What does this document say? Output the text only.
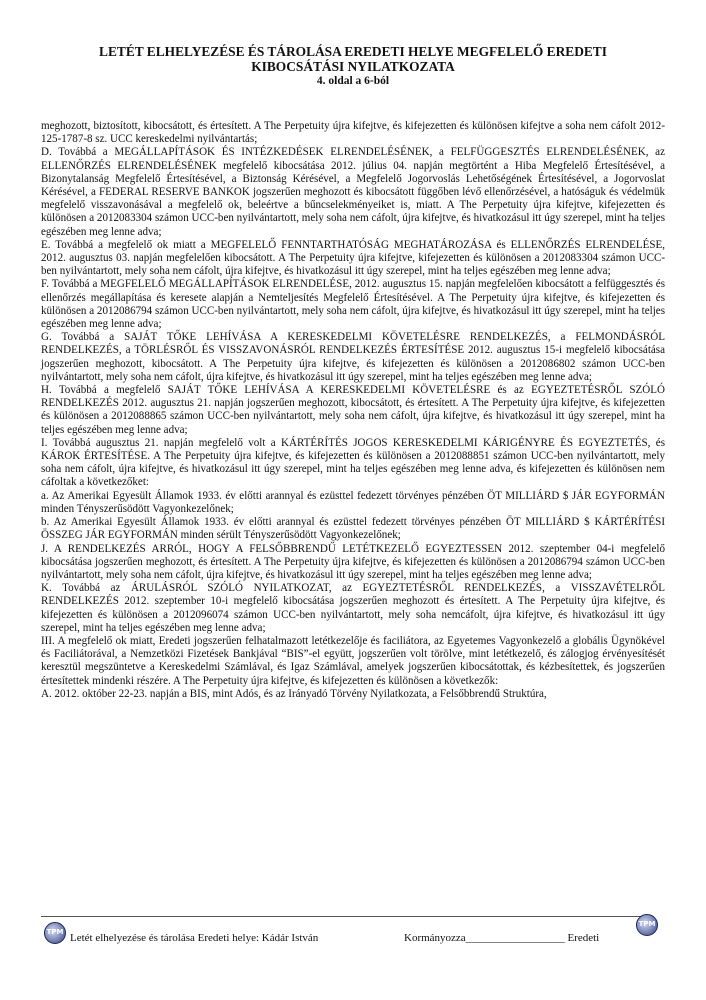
LETÉT ELHELYEZÉSE ÉS TÁROLÁSA EREDETI HELYE MEGFELELŐ EREDETI
KIBOCSÁTÁSI NYILATKOZATA
4. oldal a 6-ból

meghozott, biztosított, kibocsátott, és értesített. A The Perpetuity újra kifejtve, és kifejezetten és különösen kifejtve a soha nem cáfolt 2012-125-1787-8 sz. UCC kereskedelmi nyilvántartás;

D. Továbbá a MEGÁLLAPÍTÁSOK ÉS INTÉZKEDÉSEK ELRENDELÉSÉNEK, a FELFÜGGESZTÉS ELRENDELÉSÉNEK, az ELLENŐRZÉS ELRENDELÉSÉNEK megfelelő kibocsátása 2012. július 04. napján megtörtént a Hiba Megfelelő Értesítésével, a Bizonytalanság Megfelelő Értesítésével, a Biztonság Kérésével, a Megfelelő Jogorvoslás Lehetőségének Értesítésével, a Jogorvoslat Kérésével, a FEDERAL RESERVE BANKOK jogszerűen meghozott és kibocsátott függőben lévő ellenőrzésével, a hatóságuk és védelmük megfelelő visszavonásával a megfelelő ok, beleértve a bűncselekményeiket is, miatt. A The Perpetuity újra kifejtve, kifejezetten és különösen a 2012083304 számon UCC-ben nyilvántartott, mely soha nem cáfolt, újra kifejtve, és hivatkozásul itt úgy szerepel, mint ha teljes egészében meg lenne adva;

E. Továbbá a megfelelő ok miatt a MEGFELELŐ FENNTARTHATÓSÁG MEGHATÁROZÁSA és ELLENŐRZÉS ELRENDELÉSE, 2012. augusztus 03. napján megfelelően kibocsátott. A The Perpetuity újra kifejtve, kifejezetten és különösen a 2012083304 számon UCC-ben nyilvántartott, mely soha nem cáfolt, újra kifejtve, és hivatkozásul itt úgy szerepel, mint ha teljes egészében meg lenne adva;

F. Továbbá a MEGFELELŐ MEGÁLLAPÍTÁSOK ELRENDELÉSE, 2012. augusztus 15. napján megfelelően kibocsátott a felfüggesztés és ellenőrzés megállapítása és keresete alapján a Nemteljesítés Megfelelő Értesítésével. A The Perpetuity újra kifejtve, és kifejezetten és különösen a 2012086794 számon UCC-ben nyilvántartott, mely soha nem cáfolt, újra kifejtve, és hivatkozásul itt úgy szerepel, mint ha teljes egészében meg lenne adva;

G. Továbbá a SAJÁT TŐKE LEHÍVÁSA A KERESKEDELMI KÖVETELÉSRE RENDELKEZÉS, a FELMONDÁSRÓL RENDELKEZÉS, a TÖRLÉSRŐL ÉS VISSZAVONÁSRÓL RENDELKEZÉS ÉRTESÍTÉSE 2012. augusztus 15-i megfelelő kibocsátása jogszerűen meghozott, kibocsátott. A The Perpetuity újra kifejtve, és kifejezetten és különösen a 2012086802 számon UCC-ben nyilvántartott, mely soha nem cáfolt, újra kifejtve, és hivatkozásul itt úgy szerepel, mint ha teljes egészében meg lenne adva;

H. Továbbá a megfelelő SAJÁT TŐKE LEHÍVÁSA A KERESKEDELMI KÖVETELÉSRE és az EGYEZTETÉSRŐL SZÓLÓ RENDELKEZÉS 2012. augusztus 21. napján jogszerűen meghozott, kibocsátott, és értesített. A The Perpetuity újra kifejtve, és kifejezetten és különösen a 2012088865 számon UCC-ben nyilvántartott, mely soha nem cáfolt, újra kifejtve, és hivatkozásul itt úgy szerepel, mint ha teljes egészében meg lenne adva;

I. Továbbá augusztus 21. napján megfelelő volt a KÁRTÉRÍTÉS JOGOS KERESKEDELMI KÁRIGÉNYRE ÉS EGYEZTETÉS, és KÁROK ÉRTESÍTÉSE. A The Perpetuity újra kifejtve, és kifejezetten és különösen a 2012088851 számon UCC-ben nyilvántartott, mely soha nem cáfolt, újra kifejtve, és hivatkozásul itt úgy szerepel, mint ha teljes egészében meg lenne adva, és kifejezetten és különösen nem cáfoltak a következőket:

a. Az Amerikai Egyesült Államok 1933. év előtti arannyal és ezüsttel fedezett törvényes pénzében ÖT MILLIÁRD $ JÁR EGYFORMÁN minden Tényszerűsödött Vagyonkezelőnek;

b. Az Amerikai Egyesült Államok 1933. év előtti arannyal és ezüsttel fedezett törvényes pénzében ÖT MILLIÁRD $ KÁRTÉRÍTÉSI ÖSSZEG JÁR EGYFORMÁN minden sérült Tényszerűsödött Vagyonkezelőnek;

J. A RENDELKEZÉS ARRÓL, HOGY A FELSŐBBRENDŰ LETÉTKEZELŐ EGYEZTESSEN 2012. szeptember 04-i megfelelő kibocsátása jogszerűen meghozott, és értesített. A The Perpetuity újra kifejtve, és kifejezetten és különösen a 2012086794 számon UCC-ben nyilvántartott, mely soha nem cáfolt, újra kifejtve, és hivatkozásul itt úgy szerepel, mint ha teljes egészében meg lenne adva;

K. Továbbá az ÁRULÁSRÓL SZÓLÓ NYILATKOZAT, az EGYEZTETÉSRŐL RENDELKEZÉS, a VISSZAVÉTELRŐL RENDELKEZÉS 2012. szeptember 10-i megfelelő kibocsátása jogszerűen meghozott és értesített. A The Perpetuity újra kifejtve, és kifejezetten és különösen a 2012096074 számon UCC-ben nyilvántartott, mely soha nemcáfolt, újra kifejtve, és hivatkozásul itt úgy szerepel, mint ha teljes egészében meg lenne adva;

III. A megfelelő ok miatt, Eredeti jogszerűen felhatalmazott letétkezelője és faciliátora, az Egyetemes Vagyonkezelő a globális Ügynökével és Faciliátorával, a Nemzetközi Fizetések Bankjával “BIS”-el együtt, jogszerűen volt törölve, mint letétkezelő, és zálogjog érvényesítését keresztül megszüntetve a Kereskedelmi Számlával, és Igaz Számlával, amelyek jogszerűen kibocsátottak, és kézbesítettek, és jogszerűen értesítettek mindenki részére. A The Perpetuity újra kifejtve, és kifejezetten és különösen a következők:

A. 2012. október 22-23. napján a BIS, mint Adós, és az Irányadó Törvény Nyilatkozata, a Felsőbbrendű Struktúra,

TPM Letét elhelyezése és tárolása Eredeti helye: Kádár István	Kormányozza__________________ Eredeti
TPM
